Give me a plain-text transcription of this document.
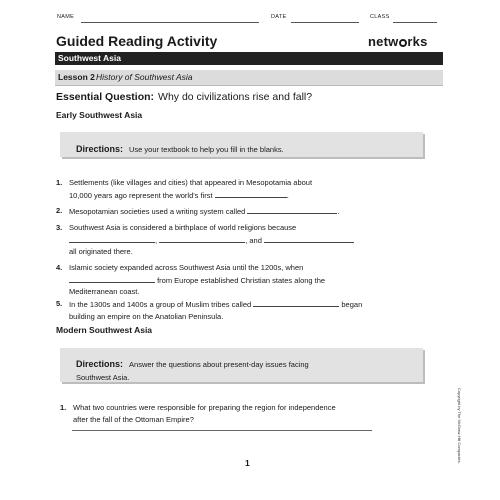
NAME	DATE	CLASS
Guided Reading Activity	netw rks
Southwest Asia
Lesson 2 History of Southwest Asia
Essential Question: Why do civilizations rise and fall?
Early Southwest Asia
Directions: Use your textbook to help you fill in the blanks.
1. Settlements (like villages and cities) that appeared in Mesopotamia about
10,000 years ago represent the world's first	.
2. Mesopotamian societies used a writing system called	.
3. Southwest Asia is considered a birthplace of world religions because
,	, and
all originated there.
4. Islamic society expanded across Southwest Asia until the 1200s, when
from Europe established Christian states along the
Mediterranean coast.
5. In the 1300s and 1400s a group of Muslim tribes called	began
building an empire on the Anatolian Peninsula.
Modern Southwest Asia
Directions: Answer the questions about present-day issues facing
Southwest Asia.
1. What two countries were responsible for preparing the region for independence
after the fall of the Ottoman Empire?
1	Copyright by The McGraw-Hill Companies.
